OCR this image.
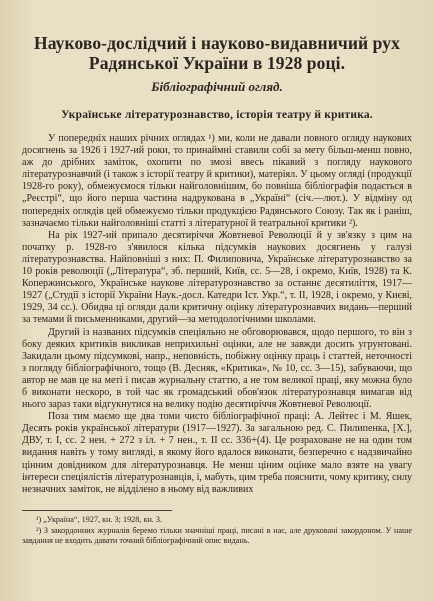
Науково-дослідчий і науково-видавничий рух Радянської України в 1928 році.
Бібліографічний огляд.
Українське літературознавство, історія театру й критика.

У попередніх наших річних оглядах ¹) ми, коли не давали повного огляду наукових досягнень за 1926 і 1927-ий роки, то принаймні ставили собі за мету більш-менш повно, аж до дрібних заміток, охопити по змозі ввесь пікавий з погляду наукового літературознавчий (і також з історії театру й критики), матеріял. У цьому огляді (продукції 1928-го року), обмежуємося тільки найголовнішим, бо повніша бібліографія подається в „Реєстрі“, що його перша частина надрукована в „Україні“ (січ.—лют.). У відміну од попередніх оглядів цей обмежуємо тільки продукцією Радянського Союзу. Так як і раніш, зазначаємо тільки найголовніші статті з літературної й театральної критики ²).

На рік 1927-ий припало десятиріччя Жовтневої Революції й у зв'язку з цим на початку р. 1928-го з'явилося кілька підсумків наукових досягнень у галузі літературознавства. Найповніші з них: П. Филиповича, Українське літературознавство за 10 років революції („Літературa“, зб. перший, Київ, сс. 5—28, і окремо, Київ, 1928) та К. Копержинського, Українське наукове літературознавство за останнє десятиліття, 1917—1927 („Студії з історії України Наук.-досл. Катедри Іст. Укр.“, т. II, 1928, і окремо, у Києві, 1929, 34 сс.). Обидва ці огляди дали критичну оцінку літературознавчих видань—перший за темами й письменниками, другий—за методологічними школами.

Другий із названих підсумків спеціяльно не обговорювався, щодо першого, то він з боку деяких критиків викликав неприхильні оцінки, але не завжди досить угрунтовані. Закидали цьому підсумкові, напр., неповність, побіжну оцінку праць і статтей, неточності з погляду бібліографічного, тощо (В. Десняк, «Критика», № 10, сс. 3—15), забуваючи, що автор не мав це на меті і писав журнальну статтю, а не том великої праці, яку можна було б виконати нескоро, в той час як громадський обов'язок літературознавця вимагав від нього зараз таки відгукнутися на велику подію десятиріччя Жовтневої Революції.

Поза тим маємо ще два томи чисто бібліографічної праці: А. Лейтес і М. Яшек, Десять років української літератури (1917—1927). За загальною ред. С. Пилипенка, [Х.], ДВУ, т. I, сс. 2 нен. + 272 з іл. + 7 нен., т. II сс. 336+(4). Це розраховане не на один том видання навіть у тому вигляді, в якому його вдалося виконати, безперечно є надзвичайно цінним довідником для літературознавця. Не менш ціним оцінке мало взяте на увагу інтереси спеціялістів літературознавців, і, мабуть, цим треба пояснити, чому критику, силу незначних заміток, не відділено в ньому від важливих

¹) „Україна“, 1927, кн. 3; 1928, кн. 3.

²) З закордонних журналів беремо тільки значніші праці, писані в нас, але друковані закордоном. У наше завдання не входить давати точний бібліографічний опис видань.
